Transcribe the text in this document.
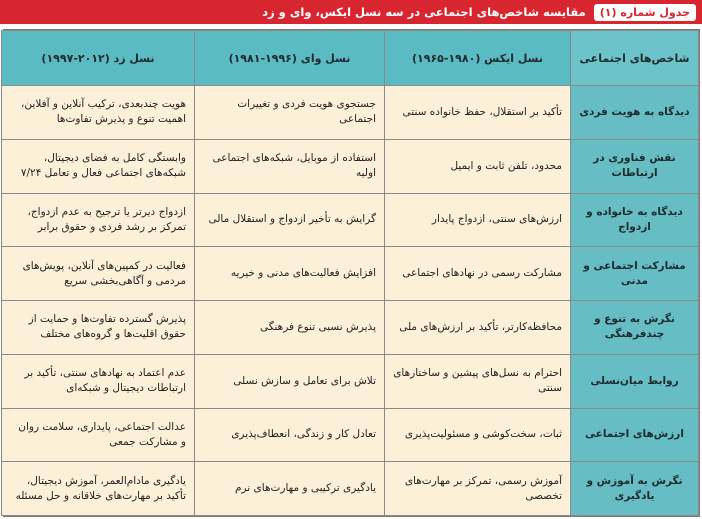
جدول شماره (۱)
مقایسه شاخص‌های اجتماعی در سه نسل ایکس، وای و زد
شاخص‌های اجتماعی	نسل ایکس (۱۹۸۰-۱۹۶۵)	نسل وای (۱۹۹۶-۱۹۸۱)	نسل زد (۲۰۱۲-۱۹۹۷)
دیدگاه به هویت فردی	تأکید بر استقلال، حفظ خانواده سنتی	جستجوی هویت فردی و تغییرات اجتماعی	هویت چندبعدی، ترکیب آنلاین و آفلاین، اهمیت تنوع و پذیرش تفاوت‌ها
نقش فناوری در ارتباطات	محدود، تلفن ثابت و ایمیل	استفاده از موبایل، شبکه‌های اجتماعی اولیه	وابستگی کامل به فضای دیجیتال، شبکه‌های اجتماعی فعال و تعامل ۷/۲۴
دیدگاه به خانواده و ازدواج	ارزش‌های سنتی، ازدواج پایدار	گرایش به تأخیر ازدواج و استقلال مالی	ازدواج دیرتر یا ترجیح به عدم ازدواج، تمرکز بر رشد فردی و حقوق برابر
مشارکت اجتماعی و مدنی	مشارکت رسمی در نهادهای اجتماعی	افزایش فعالیت‌های مدنی و خیریه	فعالیت در کمپین‌های آنلاین، پویش‌های مردمی و آگاهی‌بخشی سریع
نگرش به تنوع و چندفرهنگی	محافظه‌کارتر، تأکید بر ارزش‌های ملی	پذیرش نسبی تنوع فرهنگی	پذیرش گسترده تفاوت‌ها و حمایت از حقوق اقلیت‌ها و گروه‌های مختلف
روابط میان‌نسلی	احترام به نسل‌های پیشین و ساختارهای سنتی	تلاش برای تعامل و سازش نسلی	عدم اعتماد به نهادهای سنتی، تأکید بر ارتباطات دیجیتال و شبکه‌ای
ارزش‌های اجتماعی	ثبات، سخت‌کوشی و مسئولیت‌پذیری	تعادل کار و زندگی، انعطاف‌پذیری	عدالت اجتماعی، پایداری، سلامت روان و مشارکت جمعی
نگرش به آموزش و یادگیری	آموزش رسمی، تمرکز بر مهارت‌های تخصصی	یادگیری ترکیبی و مهارت‌های نرم	یادگیری مادام‌العمر، آموزش دیجیتال، تأکید بر مهارت‌های خلاقانه و حل مسئله
